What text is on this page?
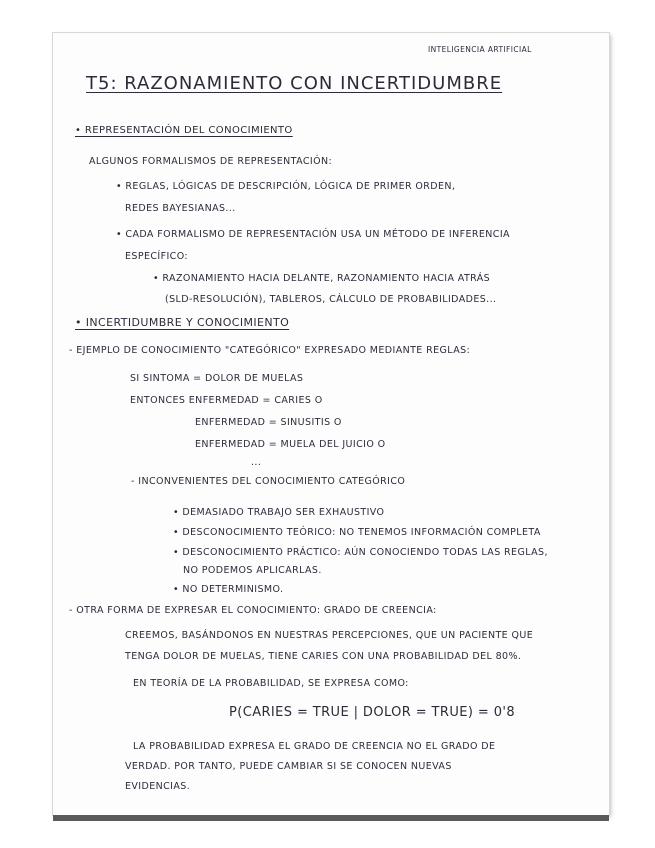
INTELIGENCIA ARTIFICIAL
T5: RAZONAMIENTO CON INCERTIDUMBRE
• REPRESENTACIÓN DEL CONOCIMIENTO
ALGUNOS FORMALISMOS DE REPRESENTACIÓN:
• REGLAS, LÓGICAS DE DESCRIPCIÓN, LÓGICA DE PRIMER ORDEN,
REDES BAYESIANAS...
• CADA FORMALISMO DE REPRESENTACIÓN USA UN MÉTODO DE INFERENCIA
ESPECÍFICO:
• RAZONAMIENTO HACIA DELANTE, RAZONAMIENTO HACIA ATRÁS
(SLD-RESOLUCIÓN), TABLEROS, CÁLCULO DE PROBABILIDADES...
• INCERTIDUMBRE Y CONOCIMIENTO
- EJEMPLO DE CONOCIMIENTO "CATEGÓRICO" EXPRESADO MEDIANTE REGLAS:
SI SINTOMA = DOLOR DE MUELAS
ENTONCES ENFERMEDAD = CARIES O
ENFERMEDAD = SINUSITIS O
ENFERMEDAD = MUELA DEL JUICIO O
...
- INCONVENIENTES DEL CONOCIMIENTO CATEGÓRICO
• DEMASIADO TRABAJO SER EXHAUSTIVO
• DESCONOCIMIENTO TEÓRICO: NO TENEMOS INFORMACIÓN COMPLETA
• DESCONOCIMIENTO PRÁCTICO: AÚN CONOCIENDO TODAS LAS REGLAS,
NO PODEMOS APLICARLAS.
• NO DETERMINISMO.
- OTRA FORMA DE EXPRESAR EL CONOCIMIENTO: GRADO DE CREENCIA:
CREEMOS, BASÁNDONOS EN NUESTRAS PERCEPCIONES, QUE UN PACIENTE QUE
TENGA DOLOR DE MUELAS, TIENE CARIES CON UNA PROBABILIDAD DEL 80%.
EN TEORÍA DE LA PROBABILIDAD, SE EXPRESA COMO:
P(CARIES = TRUE | DOLOR = TRUE) = 0'8
LA PROBABILIDAD EXPRESA EL GRADO DE CREENCIA NO EL GRADO DE
VERDAD. POR TANTO, PUEDE CAMBIAR SI SE CONOCEN NUEVAS
EVIDENCIAS.
